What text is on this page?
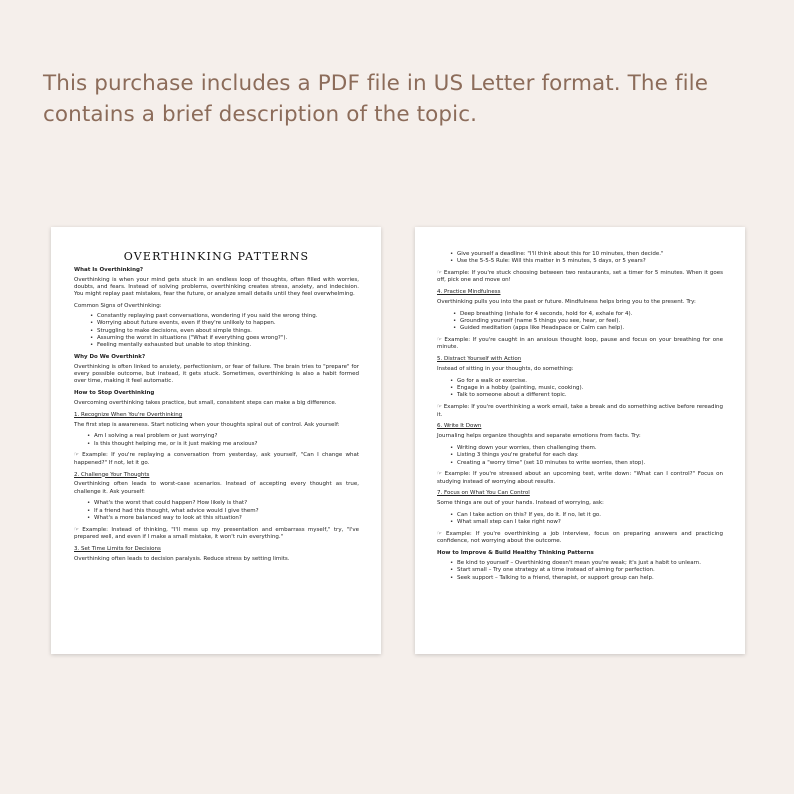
This purchase includes a PDF file in US Letter format. The file contains a brief description of the topic.
OVERTHINKING PATTERNS
What Is Overthinking?
Overthinking is when your mind gets stuck in an endless loop of thoughts, often filled with worries, doubts, and fears. Instead of solving problems, overthinking creates stress, anxiety, and indecision. You might replay past mistakes, fear the future, or analyze small details until they feel overwhelming.
Common Signs of Overthinking:
• Constantly replaying past conversations, wondering if you said the wrong thing.
• Worrying about future events, even if they're unlikely to happen.
• Struggling to make decisions, even about simple things.
• Assuming the worst in situations ("What if everything goes wrong?").
• Feeling mentally exhausted but unable to stop thinking.
Why Do We Overthink?
Overthinking is often linked to anxiety, perfectionism, or fear of failure. The brain tries to "prepare" for every possible outcome, but instead, it gets stuck. Sometimes, overthinking is also a habit formed over time, making it feel automatic.
How to Stop Overthinking
Overcoming overthinking takes practice, but small, consistent steps can make a big difference.
1. Recognize When You're Overthinking
The first step is awareness. Start noticing when your thoughts spiral out of control. Ask yourself:
• Am I solving a real problem or just worrying?
• Is this thought helping me, or is it just making me anxious?
☞ Example: If you're replaying a conversation from yesterday, ask yourself, "Can I change what happened?" If not, let it go.
2. Challenge Your Thoughts
Overthinking often leads to worst-case scenarios. Instead of accepting every thought as true, challenge it. Ask yourself:
• What's the worst that could happen? How likely is that?
• If a friend had this thought, what advice would I give them?
• What's a more balanced way to look at this situation?
☞ Example: Instead of thinking, "I'll mess up my presentation and embarrass myself," try, "I've prepared well, and even if I make a small mistake, it won't ruin everything."
3. Set Time Limits for Decisions
Overthinking often leads to decision paralysis. Reduce stress by setting limits.
• Give yourself a deadline: "I'll think about this for 10 minutes, then decide."
• Use the 5-5-5 Rule: Will this matter in 5 minutes, 5 days, or 5 years?
☞ Example: If you're stuck choosing between two restaurants, set a timer for 5 minutes. When it goes off, pick one and move on!
4. Practice Mindfulness
Overthinking pulls you into the past or future. Mindfulness helps bring you to the present. Try:
• Deep breathing (inhale for 4 seconds, hold for 4, exhale for 4).
• Grounding yourself (name 5 things you see, hear, or feel).
• Guided meditation (apps like Headspace or Calm can help).
☞ Example: If you're caught in an anxious thought loop, pause and focus on your breathing for one minute.
5. Distract Yourself with Action
Instead of sitting in your thoughts, do something:
• Go for a walk or exercise.
• Engage in a hobby (painting, music, cooking).
• Talk to someone about a different topic.
☞ Example: If you're overthinking a work email, take a break and do something active before rereading it.
6. Write It Down
Journaling helps organize thoughts and separate emotions from facts. Try:
• Writing down your worries, then challenging them.
• Listing 3 things you're grateful for each day.
• Creating a "worry time" (set 10 minutes to write worries, then stop).
☞ Example: If you're stressed about an upcoming test, write down: "What can I control?" Focus on studying instead of worrying about results.
7. Focus on What You Can Control
Some things are out of your hands. Instead of worrying, ask:
• Can I take action on this? If yes, do it. If no, let it go.
• What small step can I take right now?
☞ Example: If you're overthinking a job interview, focus on preparing answers and practicing confidence, not worrying about the outcome.
How to Improve & Build Healthy Thinking Patterns
• Be kind to yourself – Overthinking doesn't mean you're weak; it's just a habit to unlearn.
• Start small – Try one strategy at a time instead of aiming for perfection.
• Seek support – Talking to a friend, therapist, or support group can help.
